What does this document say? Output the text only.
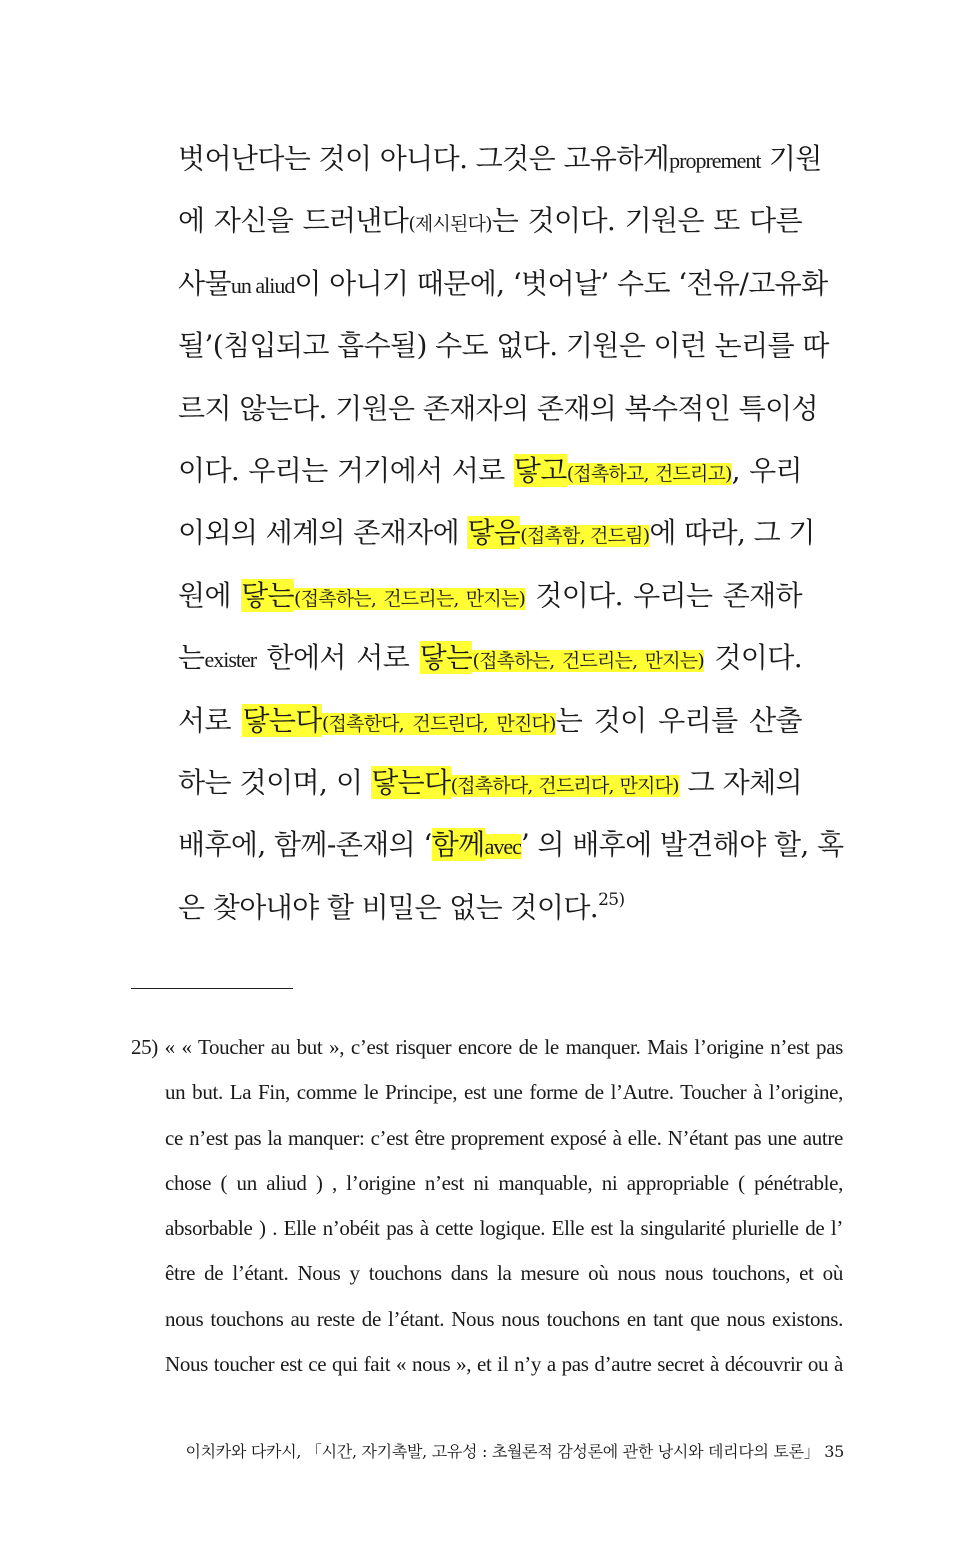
벗어난다는 것이 아니다. 그것은 고유하게proprement 기원
에 자신을 드러낸다(제시된다)는 것이다. 기원은 또 다른
사물un aliud이 아니기 때문에, ‘벗어날’ 수도 ‘전유/고유화
될’(침입되고 흡수될) 수도 없다. 기원은 이런 논리를 따
르지 않는다. 기원은 존재자의 존재의 복수적인 특이성
이다. 우리는 거기에서 서로 닿고(접촉하고, 건드리고), 우리
이외의 세계의 존재자에 닿음(접촉함, 건드림)에 따라, 그 기
원에 닿는(접촉하는, 건드리는, 만지는) 것이다. 우리는 존재하
는exister 한에서 서로 닿는(접촉하는, 건드리는, 만지는) 것이다.
서로 닿는다(접촉한다, 건드린다, 만진다)는 것이 우리를 산출
하는 것이며, 이 닿는다(접촉하다, 건드리다, 만지다) 그 자체의
배후에, 함께-존재의 ‘함께avec’ 의 배후에 발견해야 할, 혹
은 찾아내야 할 비밀은 없는 것이다.$^{25)}$
25) « « Toucher au but », c’est risquer encore de le manquer. Mais l’origine n’est pas
un but. La Fin, comme le Principe, est une forme de l’Autre. Toucher à l’origine,
ce n’est pas la manquer: c’est être proprement exposé à elle. N’étant pas une autre
chose ( un aliud ) , l’origine n’est ni manquable, ni appropriable ( pénétrable,
absorbable ) . Elle n’obéit pas à cette logique. Elle est la singularité plurielle de l’
être de l’étant. Nous y touchons dans la mesure où nous nous touchons, et où
nous touchons au reste de l’étant. Nous nous touchons en tant que nous existons.
Nous toucher est ce qui fait « nous », et il n’y a pas d’autre secret à découvrir ou à
이치카와 다카시, 「시간, 자기촉발, 고유성 : 초월론적 감성론에 관한 낭시와 데리다의 토론」 35
